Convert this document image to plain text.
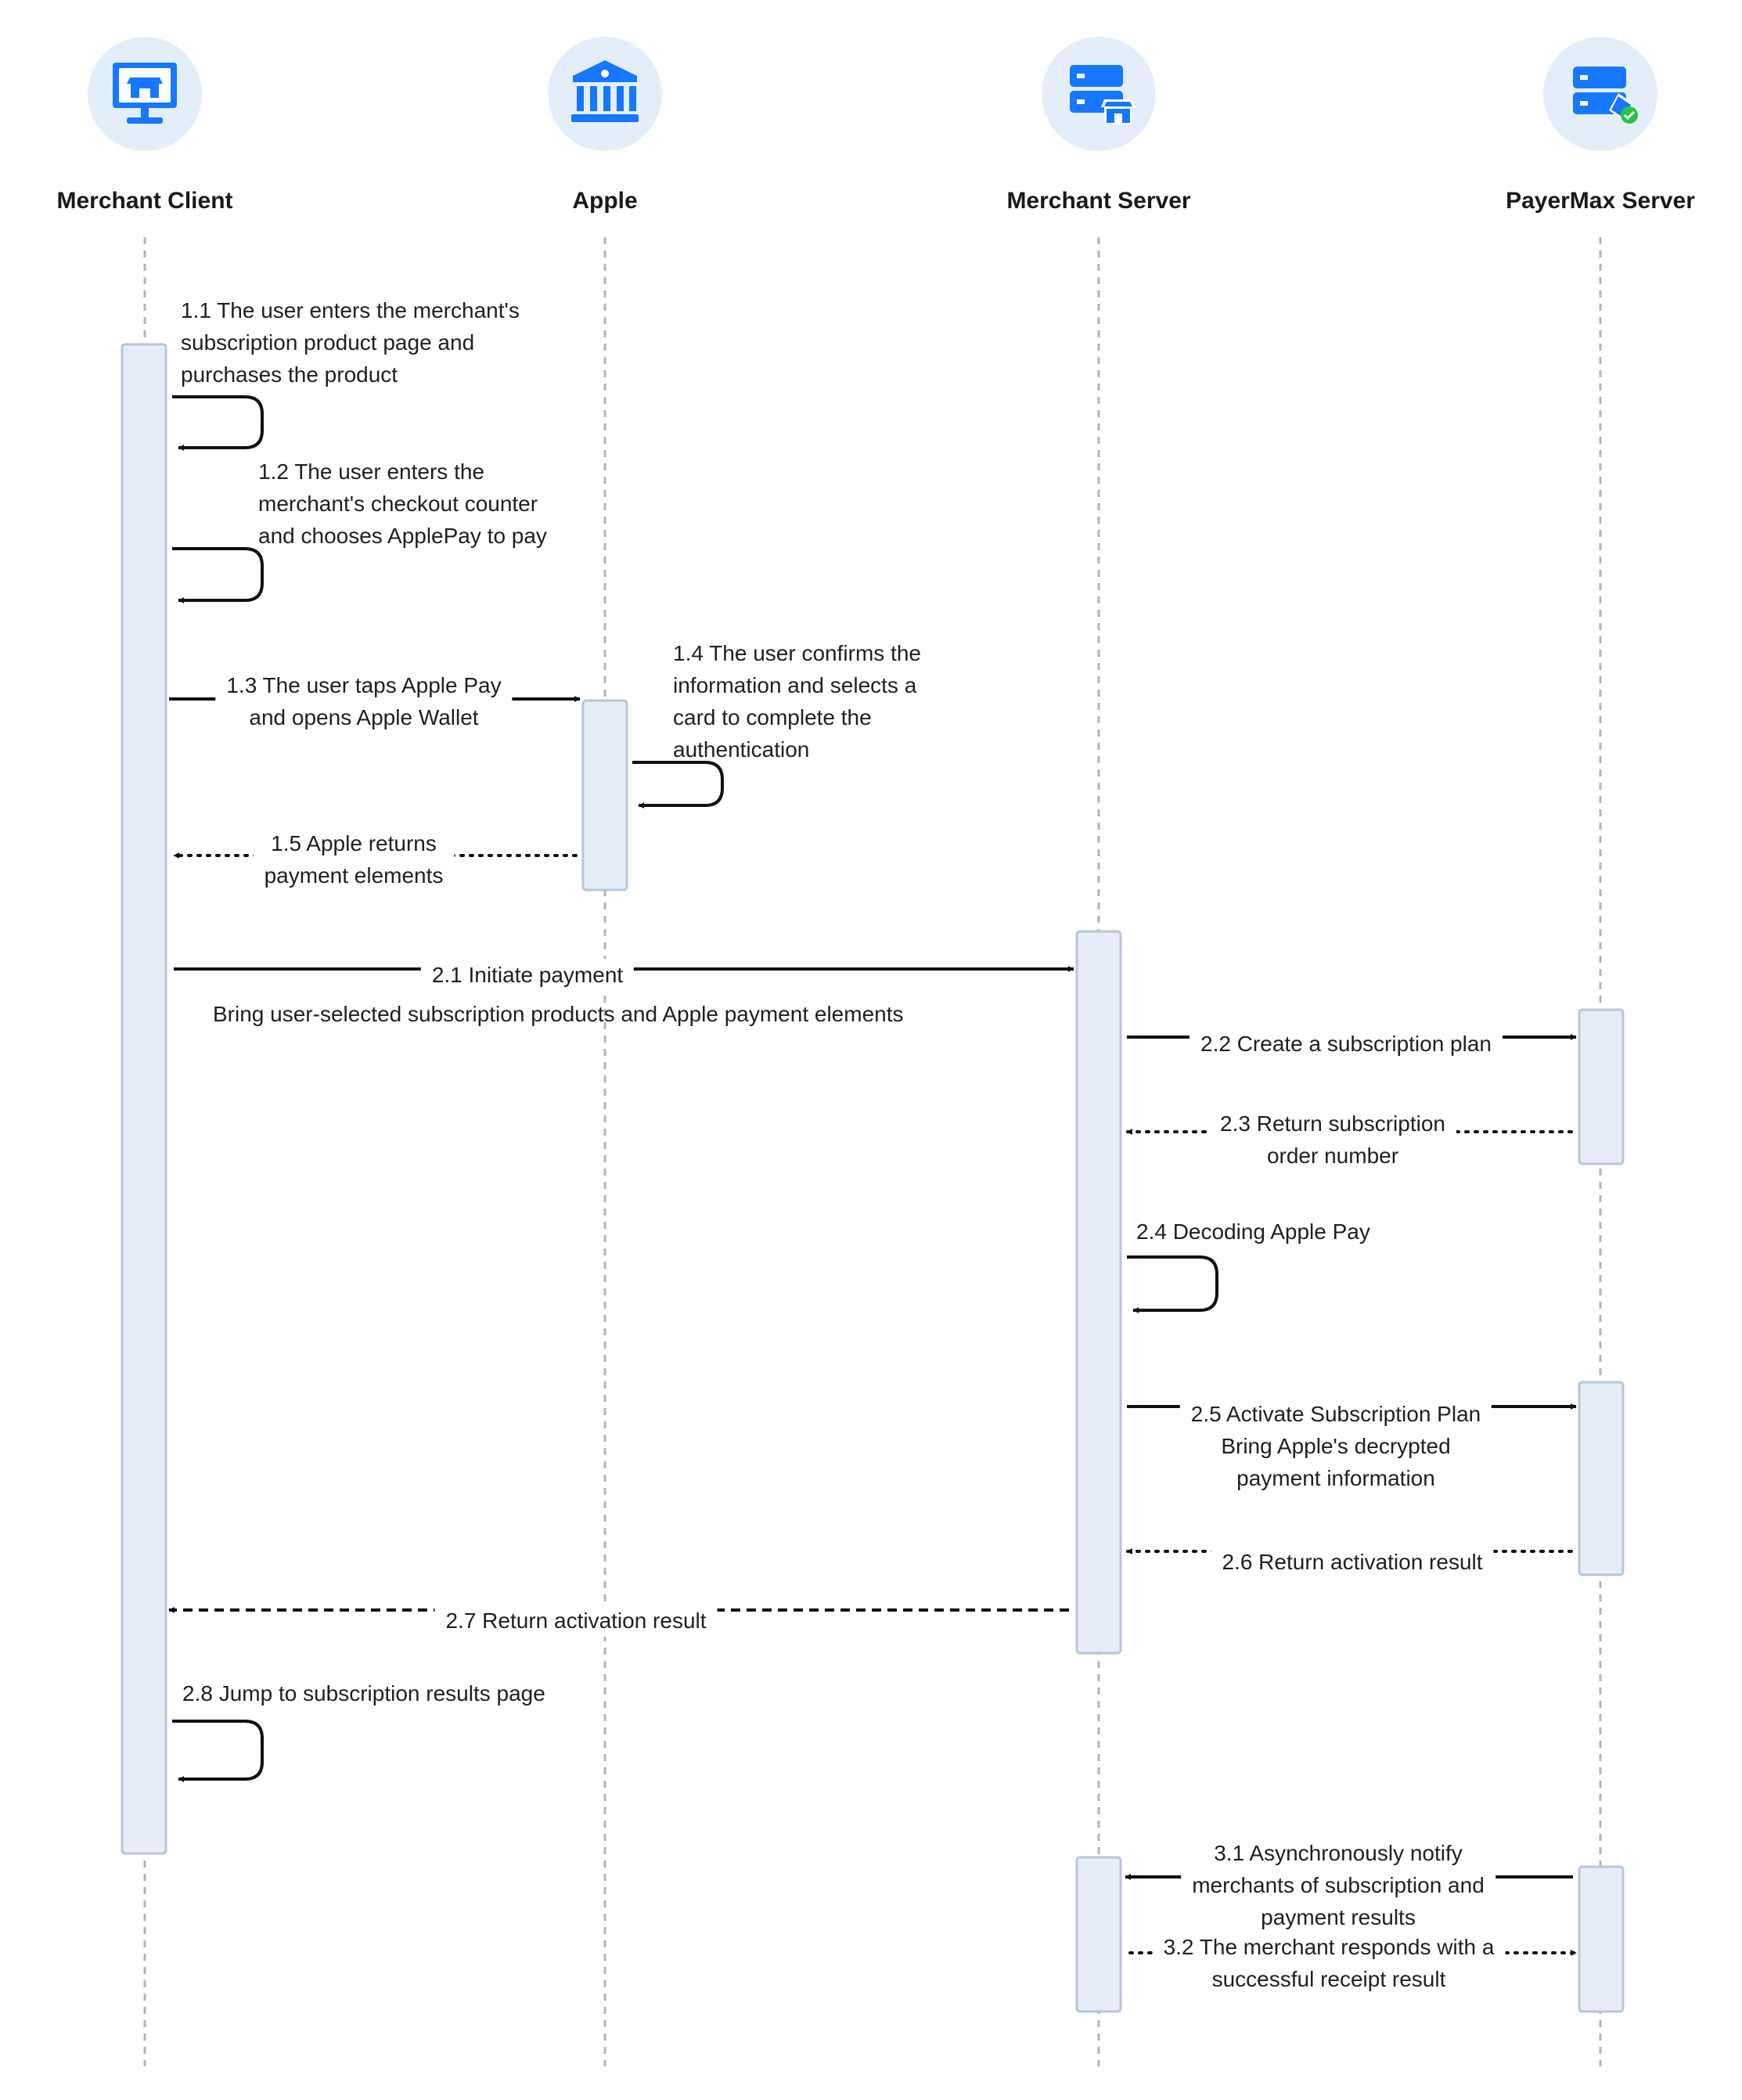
Merchant Client	Apple	Merchant Server	PayerMax Server
1.1 The user enters the merchant's
subscription product page and
purchases the product
1.2 The user enters the
merchant's checkout counter
and chooses ApplePay to pay
1.3 The user taps Apple Pay
and opens Apple Wallet
1.4 The user confirms the
information and selects a
card to complete the
authentication
1.5 Apple returns
payment elements
2.1 Initiate payment
Bring user-selected subscription products and Apple payment elements
2.2 Create a subscription plan
2.3 Return subscription
order number
2.4 Decoding Apple Pay
2.5 Activate Subscription Plan
Bring Apple's decrypted
payment information
2.6 Return activation result
2.7 Return activation result
2.8 Jump to subscription results page
3.1 Asynchronously notify
merchants of subscription and
payment results
3.2 The merchant responds with a
successful receipt result
